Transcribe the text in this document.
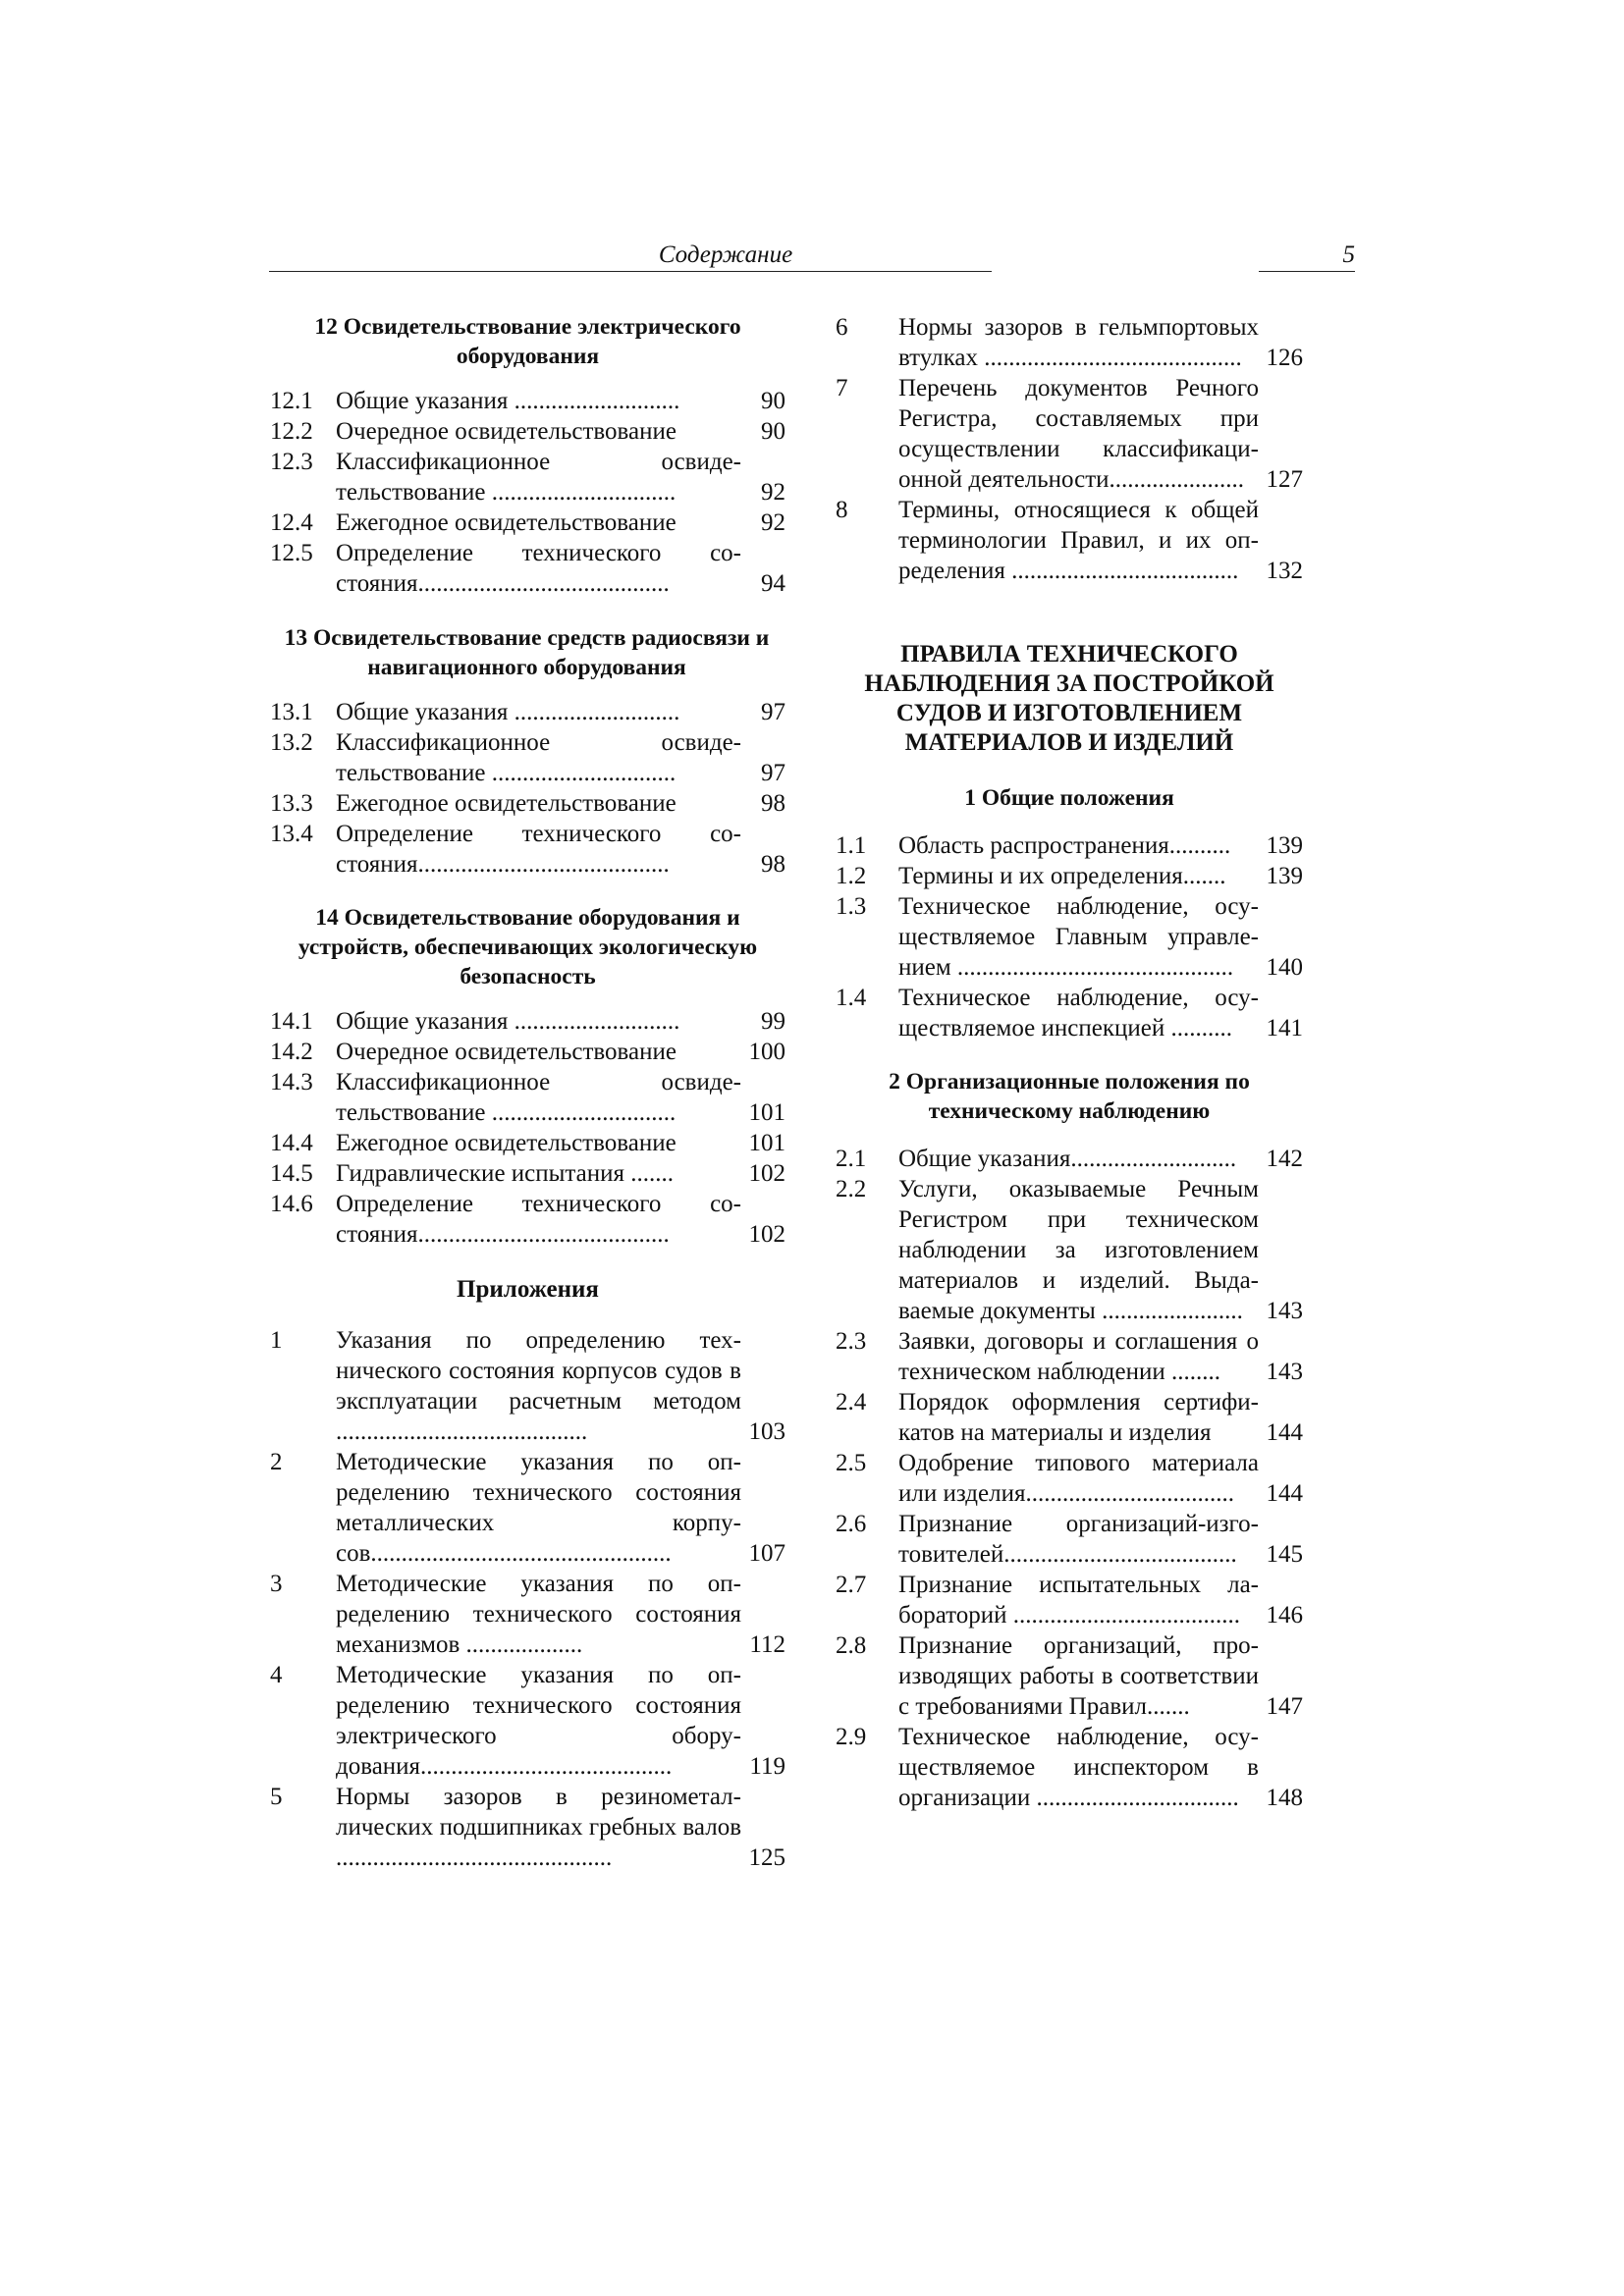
Содержание	5
12 Освидетельствование электрического оборудования
12.1 Общие указания ...........................	90
12.2 Очередное освидетельствование	90
12.3 Классификационное освидетельствование ..............................	92
12.4 Ежегодное освидетельствование	92
12.5 Определение технического состояния.........................................	94
13 Освидетельствование средств радиосвязи и навигационного оборудования
13.1 Общие указания ...........................	97
13.2 Классификационное освидетельствование ..............................	97
13.3 Ежегодное освидетельствование	98
13.4 Определение технического состояния.........................................	98
14 Освидетельствование оборудования и устройств, обеспечивающих экологическую безопасность
14.1 Общие указания ...........................	99
14.2 Очередное освидетельствование	100
14.3 Классификационное освидетельствование ..............................	101
14.4 Ежегодное освидетельствование	101
14.5 Гидравлические испытания .......	102
14.6 Определение технического состояния.........................................	102
Приложения
1	Указания по определению технического состояния корпусов судов в эксплуатации расчетным методом .........................................	103
2	Методические указания по определению технического состояния металлических корпусов.................................................	107
3	Методические указания по определению технического состояния механизмов ...................	112
4	Методические указания по определению технического состояния электрического оборудования.........................................	119
5	Нормы зазоров в резинометаллических подшипниках гребных валов .............................................	125
6	Нормы зазоров в гельмпортовых втулках .......................................... 126
7	Перечень документов Речного Регистра, составляемых при осуществлении классификационной деятельности...................... 127
8	Термины, относящиеся к общей терминологии Правил, и их определения .....................................	132
ПРАВИЛА ТЕХНИЧЕСКОГО НАБЛЮДЕНИЯ ЗА ПОСТРОЙКОЙ СУДОВ И ИЗГОТОВЛЕНИЕМ МАТЕРИАЛОВ И ИЗДЕЛИЙ
1 Общие положения
1.1	Область распространения..........	139
1.2	Термины и их определения.......	139
1.3	Техническое наблюдение, осуществляемое Главным управлением .............................................	140
1.4	Техническое наблюдение, осуществляемое инспекцией ..........	141
2 Организационные положения по техническому наблюдению
2.1	Общие указания...........................	142
2.2	Услуги, оказываемые Речным Регистром при техническом наблюдении за изготовлением материалов и изделий. Выдаваемые документы ....................... 143
2.3	Заявки, договоры и соглашения о техническом наблюдении ........	143
2.4	Порядок оформления сертификатов на материалы и изделия	144
2.5	Одобрение типового материала или изделия..................................	144
2.6	Признание организаций-изготовителей......................................	145
2.7	Признание испытательных лабораторий .....................................	146
2.8	Признание организаций, производящих работы в соответствии с требованиями Правил.......	147
2.9	Техническое наблюдение, осуществляемое инспектором в организации .................................	148
